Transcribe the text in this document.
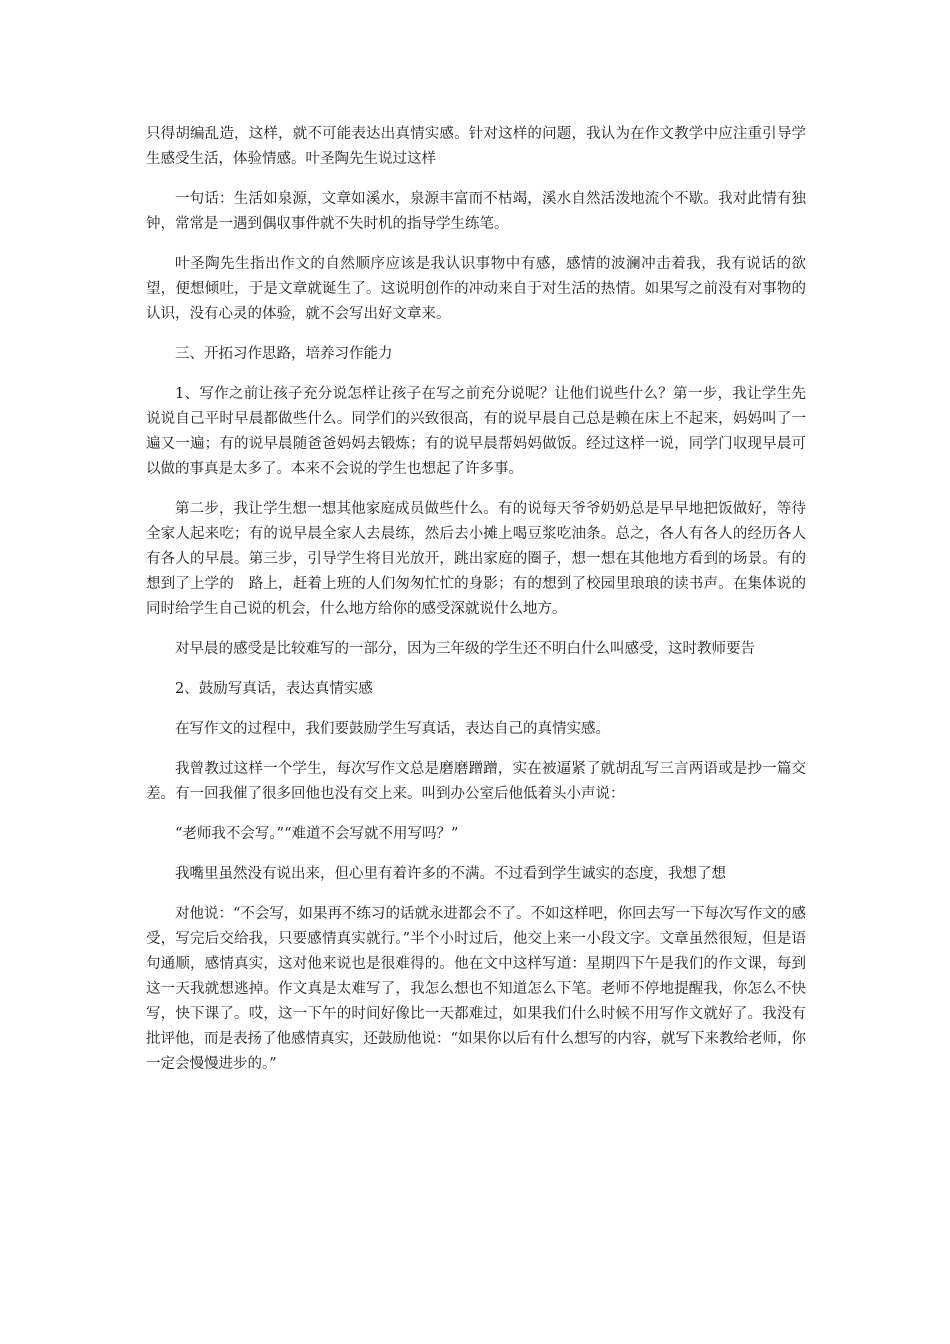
只得胡编乱造，这样，就不可能表达出真情实感。针对这样的问题，我认为在作文教学中应注重引导学生感受生活，体验情感。叶圣陶先生说过这样

一句话：生活如泉源，文章如溪水，泉源丰富而不枯竭，溪水自然活泼地流个不歇。我对此情有独钟，常常是一遇到偶収事件就不失时机的指导学生练笔。

叶圣陶先生指出作文的自然顺序应该是我认识事物中有感，感情的波澜冲击着我，我有说话的欲望，便想倾吐，于是文章就诞生了。这说明创作的冲动来自于对生活的热情。如果写之前没有对事物的认识，没有心灵的体验，就不会写出好文章来。

三、开拓习作思路，培养习作能力

1、写作之前让孩子充分说怎样让孩子在写之前充分说呢？让他们说些什么？第一步，我让学生先说说自己平时早晨都做些什么。同学们的兴致很高，有的说早晨自己总是赖在床上不起来，妈妈叫了一遍又一遍；有的说早晨随爸爸妈妈去锻炼；有的说早晨帮妈妈做饭。经过这样一说，同学门収现早晨可以做的事真是太多了。本来不会说的学生也想起了许多事。

第二步，我让学生想一想其他家庭成员做些什么。有的说每天爷爷奶奶总是早早地把饭做好，等待全家人起来吃；有的说早晨全家人去晨练，然后去小摊上喝豆浆吃油条。总之，各人有各人的经历各人有各人的早晨。第三步，引导学生将目光放开，跳出家庭的圈子，想一想在其他地方看到的场景。有的想到了上学的　路上，赶着上班的人们匆匆忙忙的身影；有的想到了校园里琅琅的读书声。在集体说的同时给学生自己说的机会，什么地方给你的感受深就说什么地方。

对早晨的感受是比较难写的一部分，因为三年级的学生还不明白什么叫感受，这时教师要告

2、鼓励写真话，表达真情实感

在写作文的过程中，我们要鼓励学生写真话，表达自己的真情实感。

我曾教过这样一个学生，每次写作文总是磨磨蹭蹭，实在被逼紧了就胡乱写三言两语或是抄一篇交差。有一回我催了很多回他也没有交上来。叫到办公室后他低着头小声说：

“老师我不会写。”“难道不会写就不用写吗？”

我嘴里虽然没有说出来，但心里有着许多的不满。不过看到学生诚实的态度，我想了想

对他说：“不会写，如果再不练习的话就永进都会不了。不如这样吧，你回去写一下每次写作文的感受，写完后交给我，只要感情真实就行。”半个小时过后，他交上来一小段文字。文章虽然很短，但是语句通顺，感情真实，这对他来说也是很难得的。他在文中这样写道：星期四下午是我们的作文课，每到这一天我就想逃掉。作文真是太难写了，我怎么想也不知道怎么下笔。老师不停地提醒我，你怎么不快写，快下课了。哎，这一下午的时间好像比一天都难过，如果我们什么时候不用写作文就好了。我没有批评他，而是表扬了他感情真实，还鼓励他说：“如果你以后有什么想写的内容，就写下来教给老师，你一定会慢慢进步的。”
